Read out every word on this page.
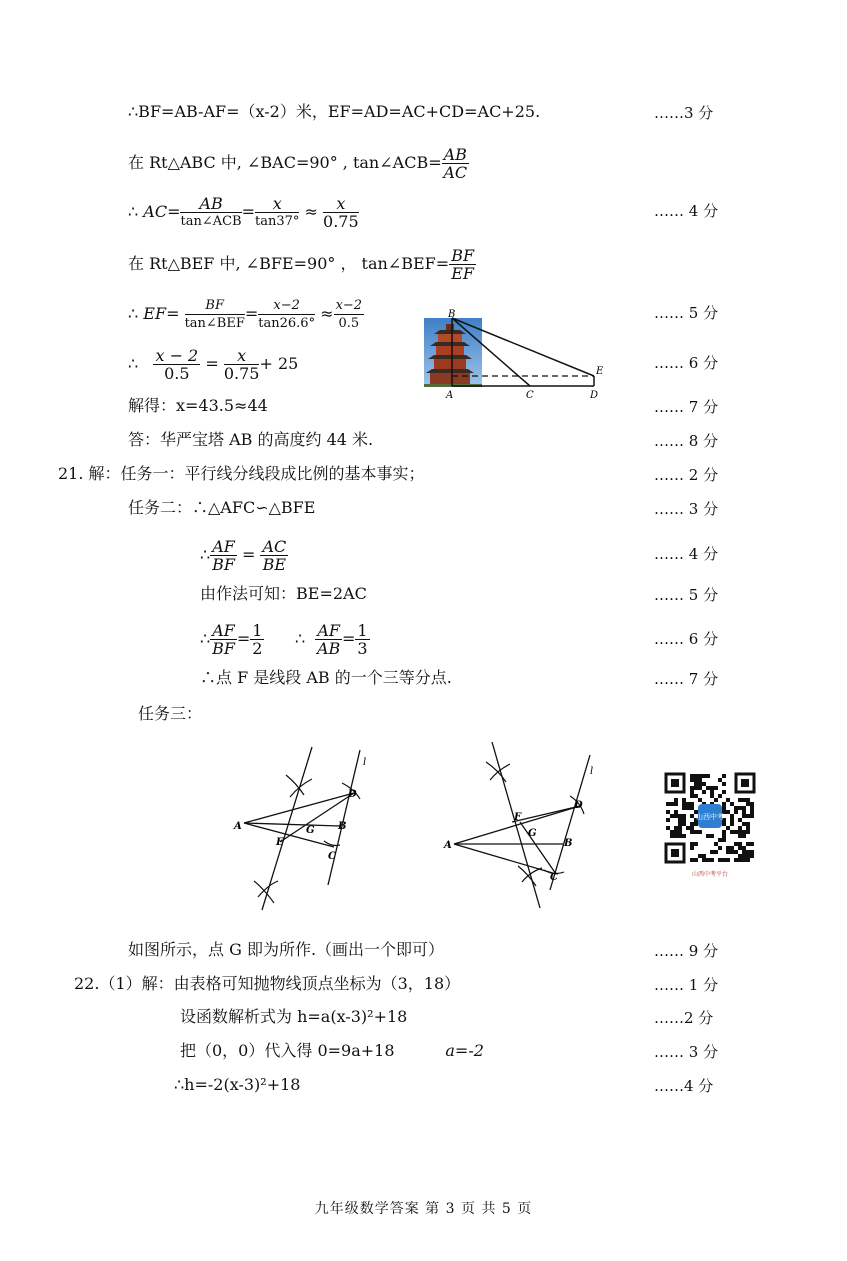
∴BF=AB-AF=（x-2）米，EF=AD=AC+CD=AC+25.	……3 分
在 Rt△ABC 中, ∠BAC=90° , tan∠ACB= $\frac{AB}{AC}$
∴ $AC= \frac{AB}{\text{tan∠ACB}} = \frac{x}{\tan 37^\circ} \approx \frac{x}{0.75}$	…… 4 分
在 Rt△BEF 中, ∠BFE=90° ， tan∠BEF= $\frac{BF}{EF}$
∴ $EF= \frac{BF}{\text{tan∠BEF}} = \frac{x-2}{\tan 26.6^\circ} \approx \frac{x-2}{0.5}$	…… 5 分
∴ $\frac{x - 2}{0.5} = \frac{x}{0.75} + 25$	…… 6 分
B
A	C	D
E
解得：x=43.5≈44	…… 7 分
答：华严宝塔 AB 的高度约 44 米.	…… 8 分
21. 解：任务一：平行线分线段成比例的基本事实；	…… 2 分
任务二：∴△AFC∽△BFE	…… 3 分
∴ $\frac{AF}{BF} = \frac{AC}{BE}$	…… 4 分
由作法可知：BE=2AC	…… 5 分
∴ $\frac{AF}{BF} = \frac{1}{2}$ ∴ $\frac{AF}{AB} = \frac{1}{3}$	…… 6 分
∴点 F 是线段 AB 的一个三等分点.	…… 7 分
任务三：
l
D
A	G B
E
C
l
D
A
F
G
B
C
山西中考
山西中考平台
如图所示，点 G 即为所作.（画出一个即可）	…… 9 分
22.（1）解：由表格可知抛物线顶点坐标为（3，18）	…… 1 分
设函数解析式为 h=a(x-3)²+18	……2 分
把（0，0）代入得 0=9a+18	a=-2	…… 3 分
∴h=-2(x-3)²+18	……4 分
九年级数学答案 第 3 页 共 5 页
